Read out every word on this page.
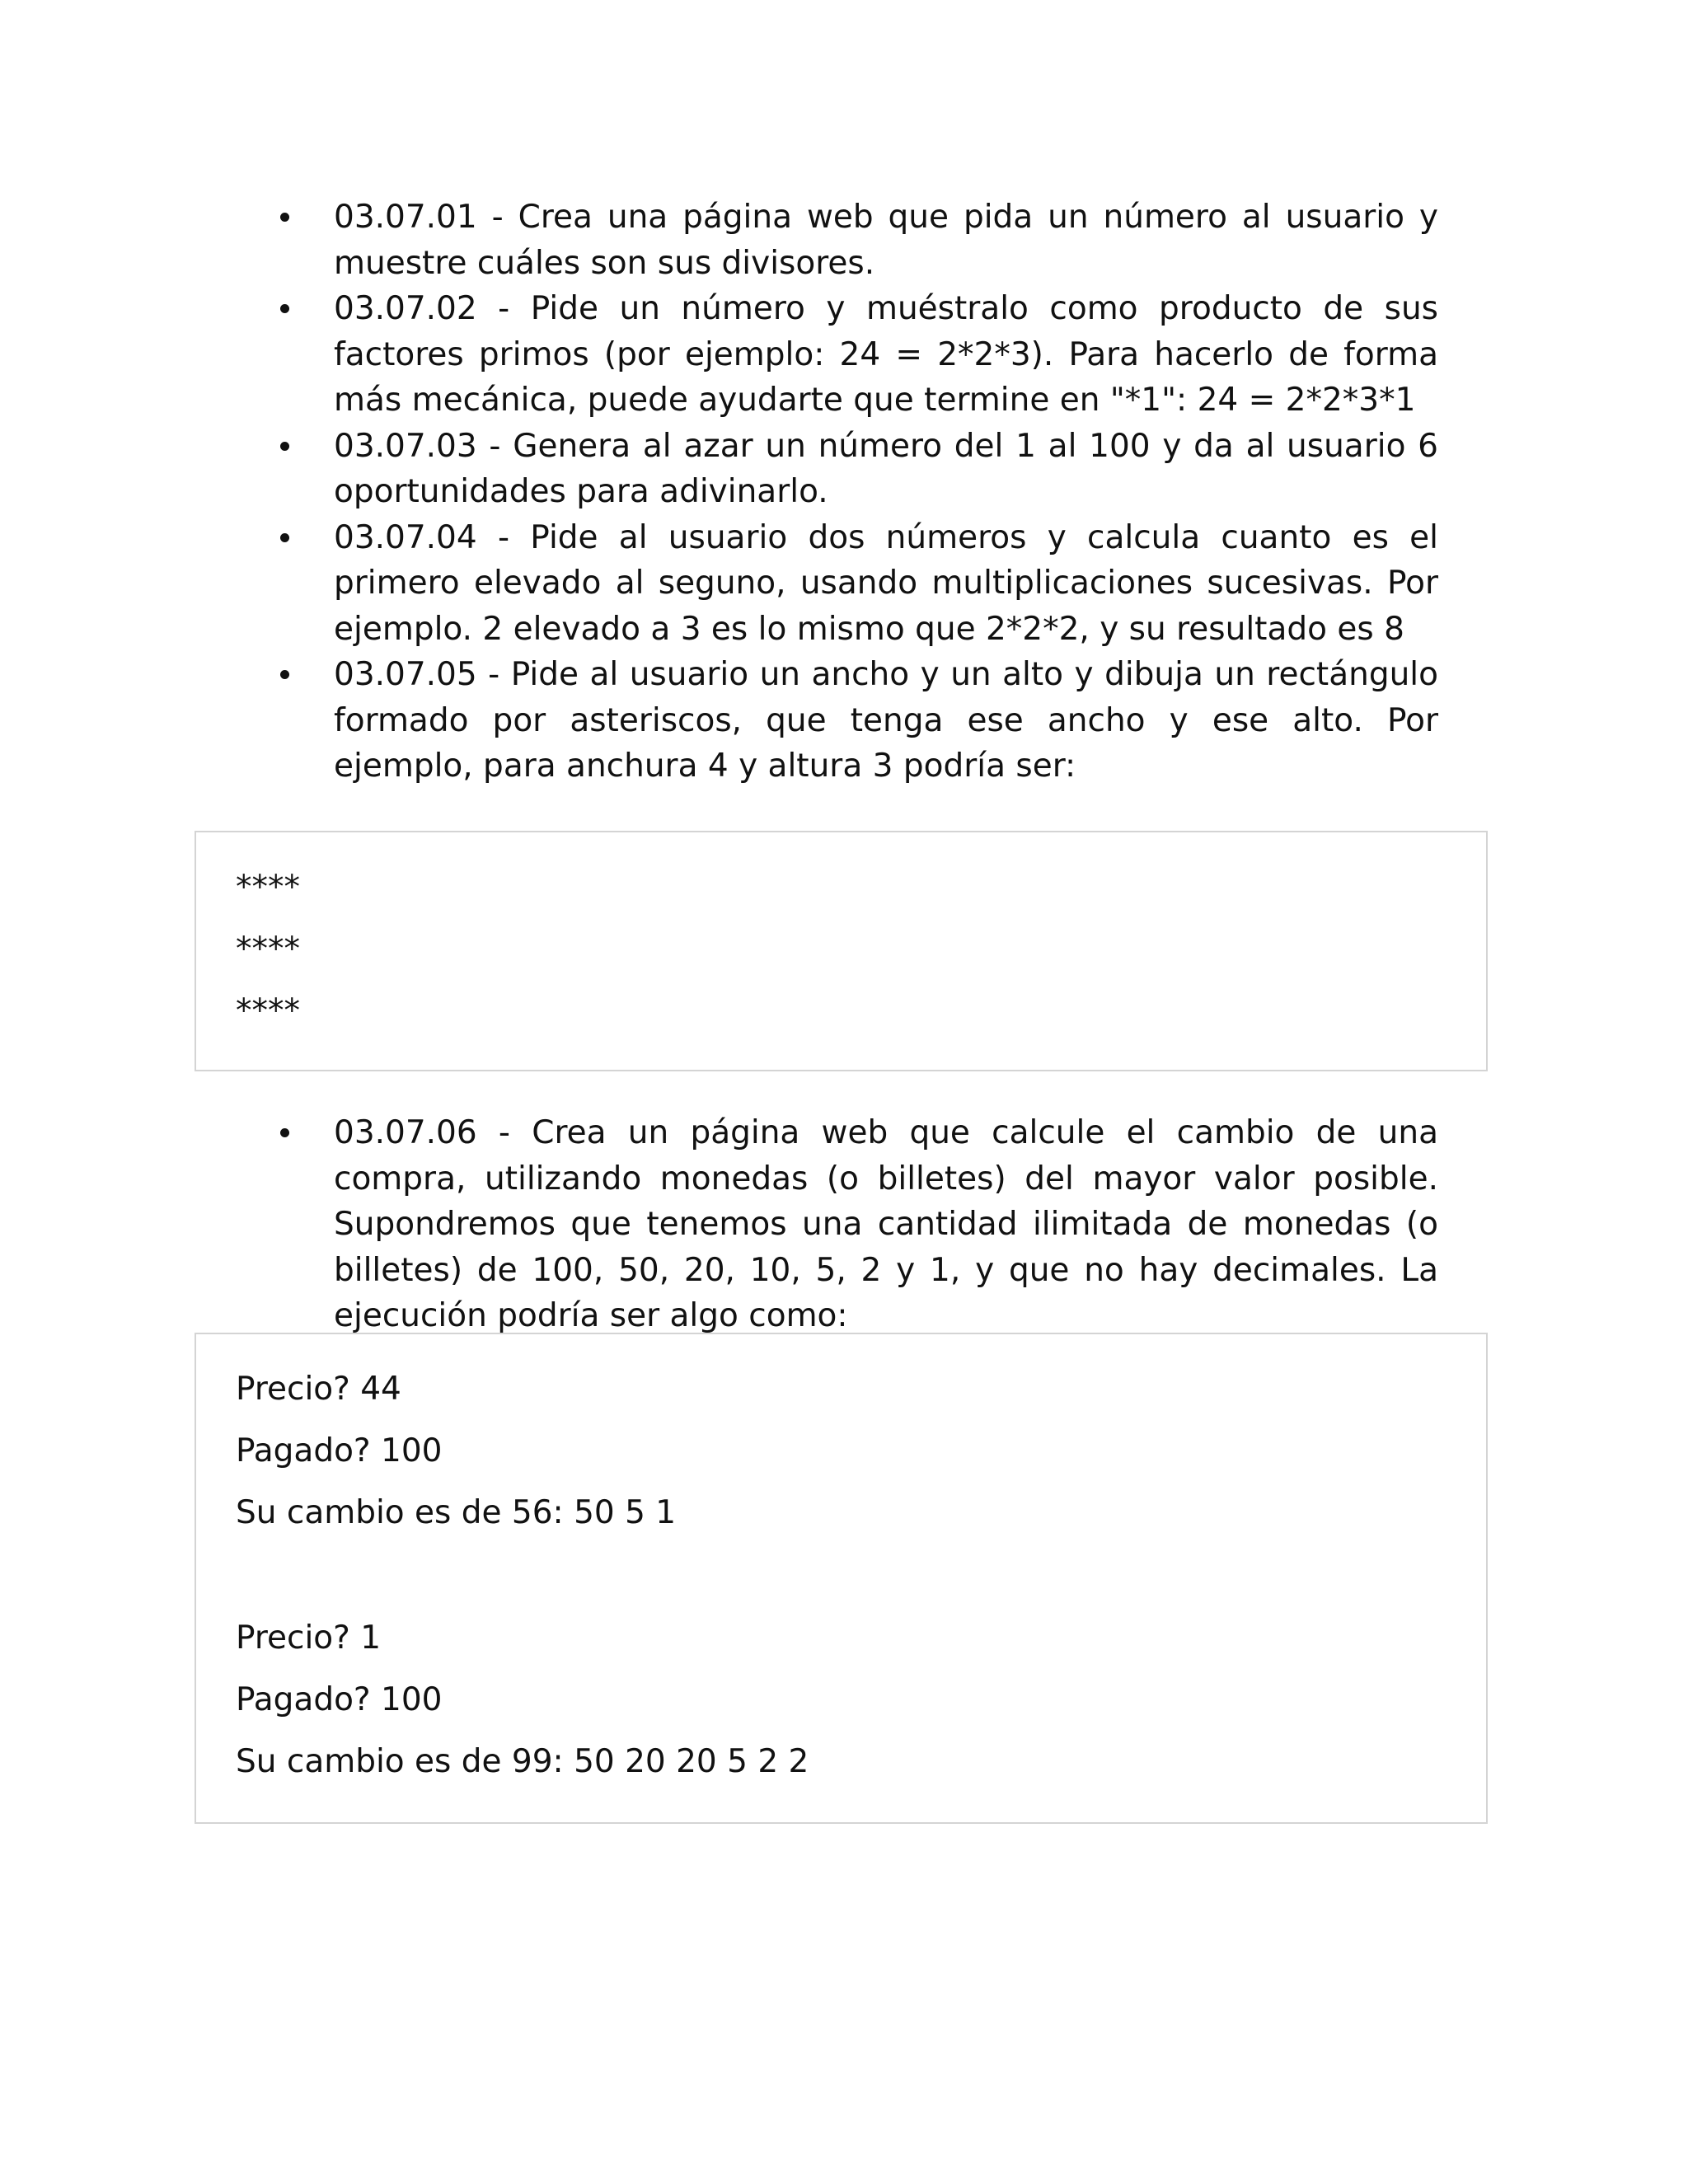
03.07.01 - Crea una página web que pida un número al usuario y muestre cuáles son sus divisores.
03.07.02 - Pide un número y muéstralo como producto de sus factores primos (por ejemplo: 24 = 2*2*3). Para hacerlo de forma más mecánica, puede ayudarte que termine en "*1": 24 = 2*2*3*1
03.07.03 - Genera al azar un número del 1 al 100 y da al usuario 6 oportunidades para adivinarlo.
03.07.04 - Pide al usuario dos números y calcula cuanto es el primero elevado al seguno, usando multiplicaciones sucesivas. Por ejemplo. 2 elevado a 3 es lo mismo que 2*2*2, y su resultado es 8
03.07.05 - Pide al usuario un ancho y un alto y dibuja un rectángulo formado por asteriscos, que tenga ese ancho y ese alto. Por ejemplo, para anchura 4 y altura 3 podría ser:
****
****
****
03.07.06 - Crea un página web que calcule el cambio de una compra, utilizando monedas (o billetes) del mayor valor posible. Supondremos que tenemos una cantidad ilimitada de monedas (o billetes) de 100, 50, 20, 10, 5, 2 y 1, y que no hay decimales. La ejecución podría ser algo como:
Precio? 44
Pagado? 100
Su cambio es de 56: 50 5 1
Precio? 1
Pagado? 100
Su cambio es de 99: 50 20 20 5 2 2
